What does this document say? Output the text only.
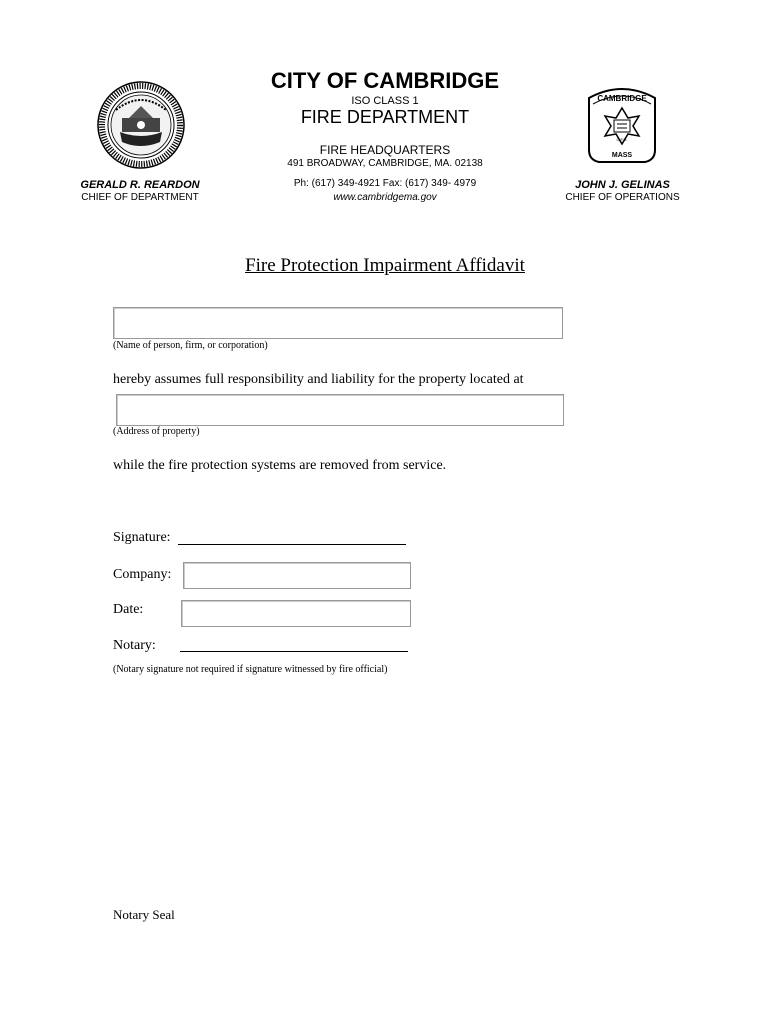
CAMBRIDGE
C.F.D.
MASS
CITY OF CAMBRIDGE
ISO CLASS 1
FIRE DEPARTMENT
FIRE HEADQUARTERS
491 BROADWAY, CAMBRIDGE, MA. 02138
Ph: (617) 349-4921 Fax: (617) 349- 4979
www.cambridgema.gov
GERALD R. REARDON
CHIEF OF DEPARTMENT
JOHN J. GELINAS
CHIEF OF OPERATIONS
Fire Protection Impairment Affidavit
(Name of person, firm, or corporation)
hereby assumes full responsibility and liability for the property located at
(Address of property)
while the fire protection systems are removed from service.
Signature:
Company:
Date:
Notary:
(Notary signature not required if signature witnessed by fire official)
Notary Seal
